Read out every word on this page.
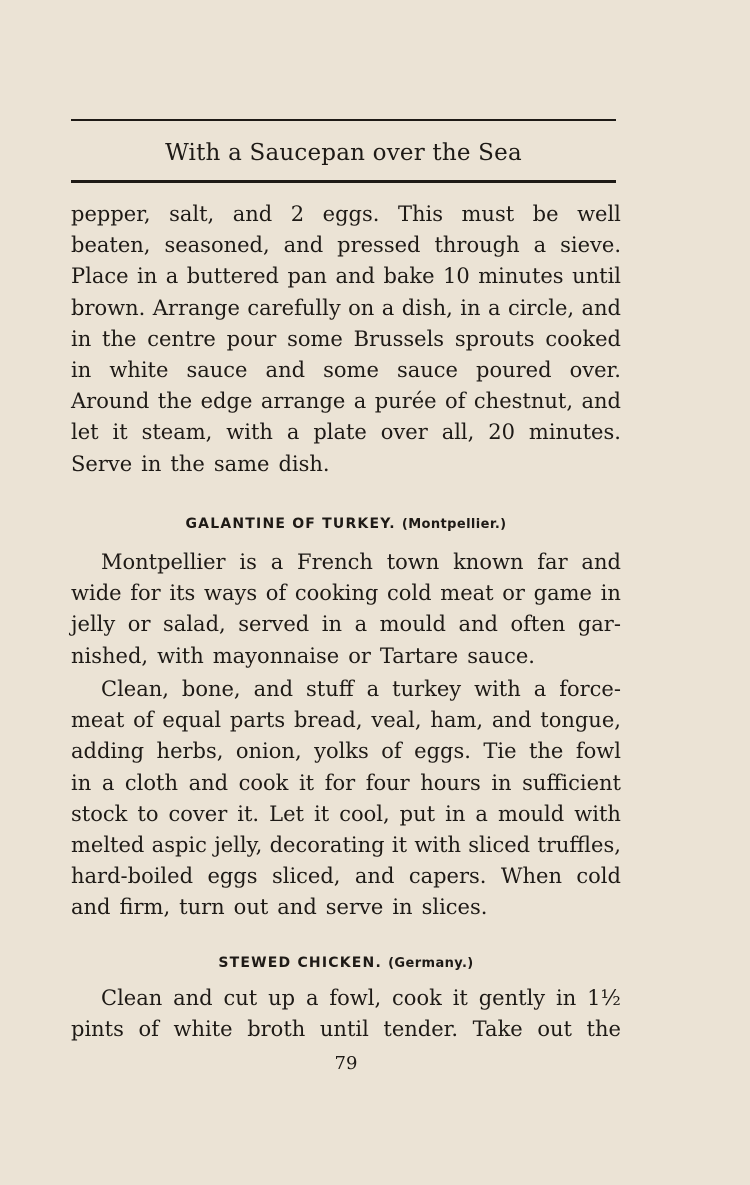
With a Saucepan over the Sea
pepper, salt, and 2 eggs. This must be well
beaten, seasoned, and pressed through a sieve.
Place in a buttered pan and bake 10 minutes until
brown. Arrange carefully on a dish, in a circle, and
in the centre pour some Brussels sprouts cooked
in white sauce and some sauce poured over.
Around the edge arrange a purée of chestnut, and
let it steam, with a plate over all, 20 minutes.
Serve in the same dish.
GALANTINE OF TURKEY. (Montpellier.)
Montpellier is a French town known far and
wide for its ways of cooking cold meat or game in
jelly or salad, served in a mould and often gar-
nished, with mayonnaise or Tartare sauce.
Clean, bone, and stuff a turkey with a force-
meat of equal parts bread, veal, ham, and tongue,
adding herbs, onion, yolks of eggs. Tie the fowl
in a cloth and cook it for four hours in sufficient
stock to cover it. Let it cool, put in a mould with
melted aspic jelly, decorating it with sliced truffles,
hard-boiled eggs sliced, and capers. When cold
and firm, turn out and serve in slices.
STEWED CHICKEN. (Germany.)
Clean and cut up a fowl, cook it gently in 1½
pints of white broth until tender. Take out the
79
